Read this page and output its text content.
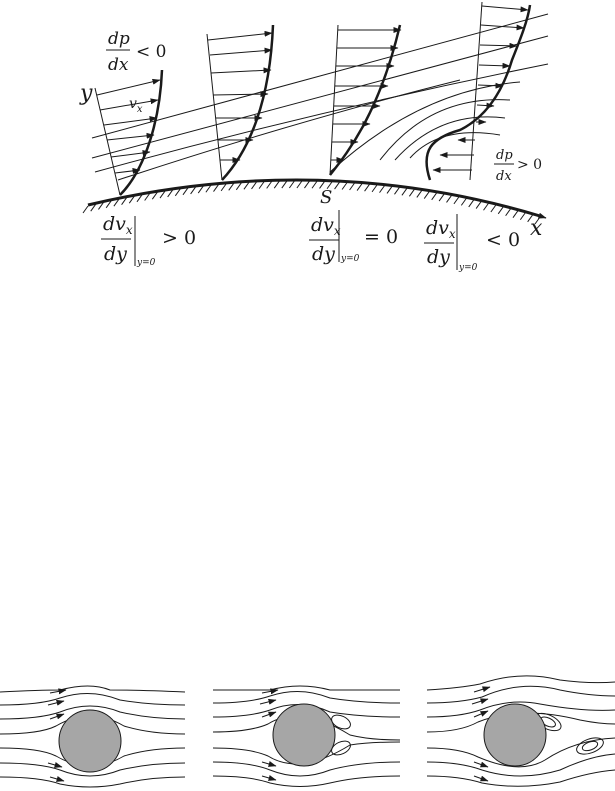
y
x
$v_x$
S
dp
dx
< 0
dp
dx
> 0
$dv_x$
dy y=0
> 0
$dv_x$
dy y=0
= 0 $dv_x$
dy y=0
< 0
